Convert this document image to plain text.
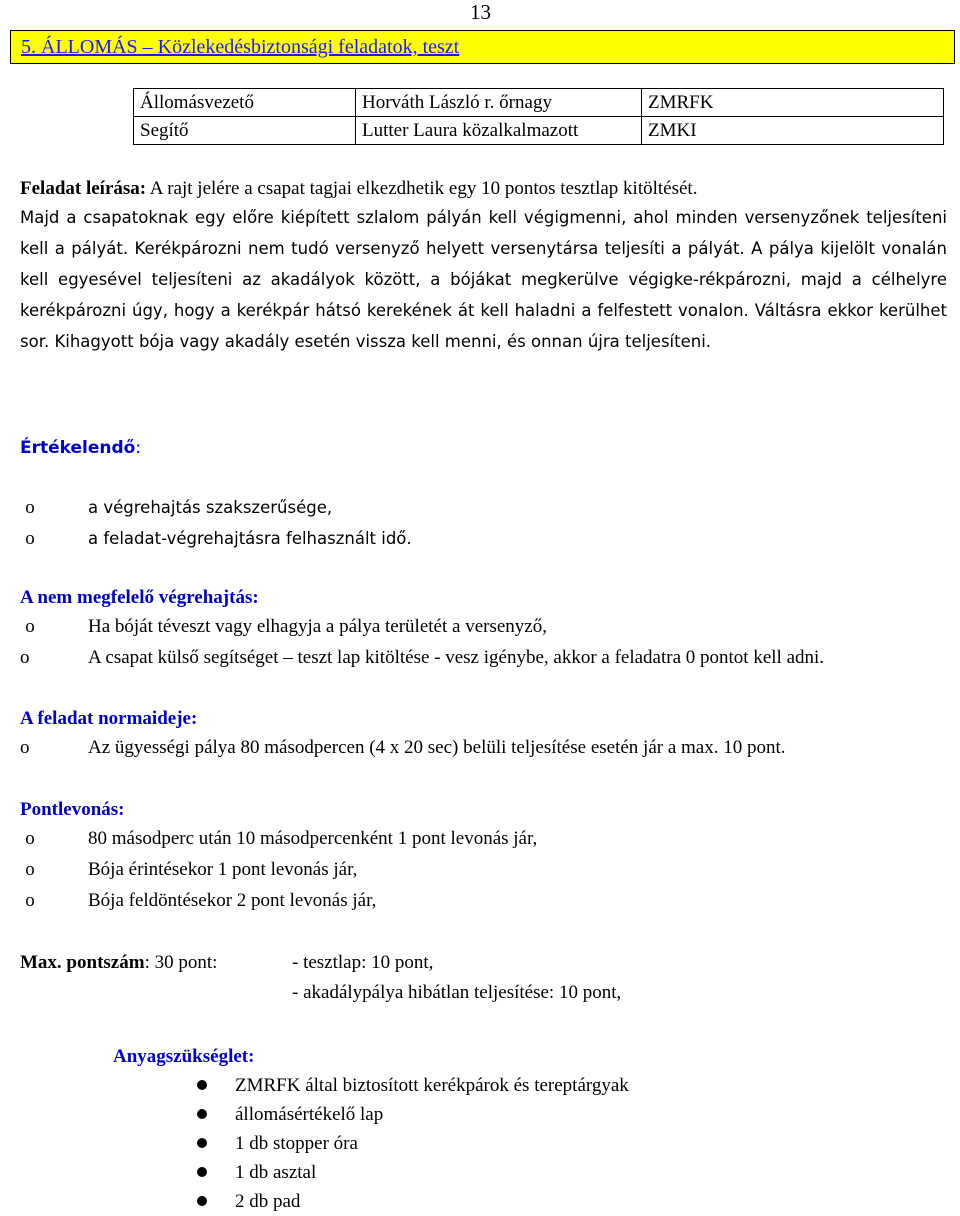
13
5. ÁLLOMÁS – Közlekedésbiztonsági feladatok, teszt
Állomásvezető	Horváth László r. őrnagy	ZMRFK
Segítő	Lutter Laura közalkalmazott	ZMKI
Feladat leírása: A rajt jelére a csapat tagjai elkezdhetik egy 10 pontos tesztlap kitöltését.
Majd a csapatoknak egy előre kiépített szlalom pályán kell végigmenni, ahol minden versenyzőnek teljesíteni kell a pályát. Kerékpározni nem tudó versenyző helyett versenytársa teljesíti a pályát. A pálya kijelölt vonalán kell egyesével teljesíteni az akadályok között, a bójákat megkerülve végigke-rékpározni, majd a célhelyre kerékpározni úgy, hogy a kerékpár hátsó kerekének át kell haladni a felfestett vonalon. Váltásra ekkor kerülhet sor. Kihagyott bója vagy akadály esetén vissza kell menni, és onnan újra teljesíteni.
Értékelendő:
o	a végrehajtás szakszerűsége,
o	a feladat-végrehajtásra felhasznált idő.
A nem megfelelő végrehajtás:
o	Ha bóját téveszt vagy elhagyja a pálya területét a versenyző,
o	A csapat külső segítséget – teszt lap kitöltése - vesz igénybe, akkor a feladatra 0 pontot kell adni.
A feladat normaideje:
o	Az ügyességi pálya 80 másodpercen (4 x 20 sec) belüli teljesítése esetén jár a max. 10 pont.
Pontlevonás:
o	80 másodperc után 10 másodpercenként 1 pont levonás jár,
o	Bója érintésekor 1 pont levonás jár,
o	Bója feldöntésekor 2 pont levonás jár,
Max. pontszám: 30 pont:	- tesztlap: 10 pont,
- akadálypálya hibátlan teljesítése: 10 pont,
Anyagszükséglet:
ZMRFK által biztosított kerékpárok és tereptárgyak
állomásértékelő lap
1 db stopper óra
1 db asztal
2 db pad
